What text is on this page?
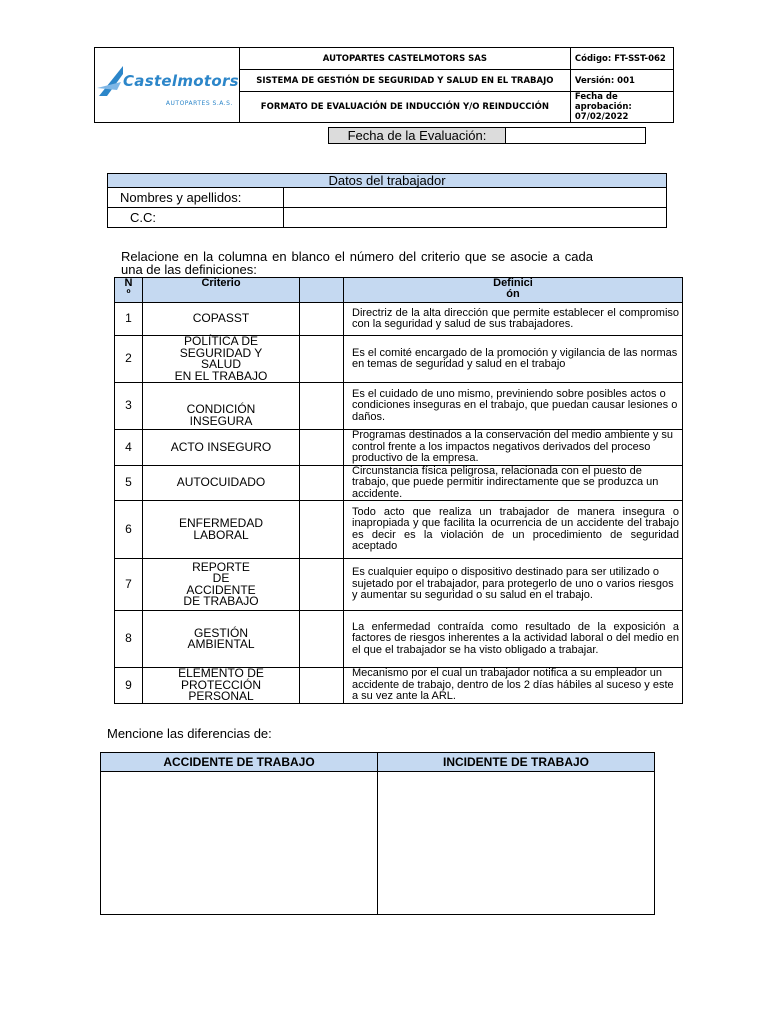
Castelmotors
AUTOPARTES S.A.S.	AUTOPARTES CASTELMOTORS SAS	Código: FT-SST-062
	SISTEMA DE GESTIÓN DE SEGURIDAD Y SALUD EN EL TRABAJO	Versión: 001
	FORMATO DE EVALUACIÓN DE INDUCCIÓN Y/O REINDUCCIÓN	Fecha de aprobación:
07/02/2022
Fecha de la Evaluación:	
Datos del trabajador	
Nombres y apellidos:	
C.C:	
Relacione en la columna en blanco el número del criterio que se asocie a cada una de las definiciones:
N
º	Criterio		Definici
ón
1	COPASST		Directriz de la alta dirección que permite establecer el compromiso con la seguridad y salud de sus trabajadores.
2	POLÍTICA DE
SEGURIDAD Y
SALUD
EN EL TRABAJO		Es el comité encargado de la promoción y vigilancia de las normas en temas de seguridad y salud en el trabajo
3	CONDICIÓN
INSEGURA		Es el cuidado de uno mismo, previniendo sobre posibles actos o condiciones inseguras en el trabajo, que puedan causar lesiones o daños.
4	ACTO INSEGURO		Programas destinados a la conservación del medio ambiente y su control frente a los impactos negativos derivados del proceso productivo de la empresa.
5	AUTOCUIDADO		Circunstancia física peligrosa, relacionada con el puesto de trabajo, que puede permitir indirectamente que se produzca un accidente.
6	ENFERMEDAD
LABORAL		Todo acto que realiza un trabajador de manera insegura o inapropiada y que facilita la ocurrencia de un accidente del trabajo es decir es la violación de un procedimiento de seguridad aceptado
7	REPORTE
DE
ACCIDENTE
DE TRABAJO		Es cualquier equipo o dispositivo destinado para ser utilizado o sujetado por el trabajador, para protegerlo de uno o varios riesgos y aumentar su seguridad o su salud en el trabajo.
8	GESTIÓN
AMBIENTAL		La enfermedad contraída como resultado de la exposición a factores de riesgos inherentes a la actividad laboral o del medio en el que el trabajador se ha visto obligado a trabajar.
9	ELEMENTO DE
PROTECCIÓN
PERSONAL		Mecanismo por el cual un trabajador notifica a su empleador un accidente de trabajo, dentro de los 2 días hábiles al suceso y este a su vez ante la ARL.
Mencione las diferencias de:
ACCIDENTE DE TRABAJO	INCIDENTE DE TRABAJO
